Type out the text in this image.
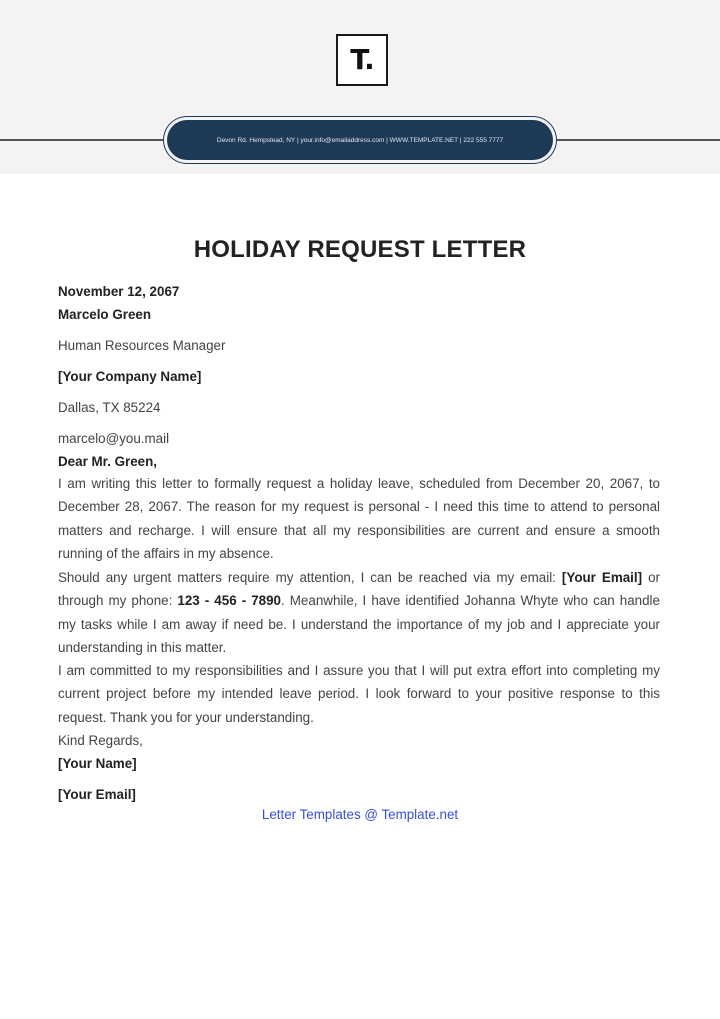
T.
Devon Rd. Hempstead, NY | your.info@emailaddress.com | WWW.TEMPLATE.NET | 222 555 7777
HOLIDAY REQUEST LETTER
November 12, 2067
Marcelo Green
Human Resources Manager
[Your Company Name]
Dallas, TX 85224
marcelo@you.mail
Dear Mr. Green,

I am writing this letter to formally request a holiday leave, scheduled from December 20, 2067, to December 28, 2067. The reason for my request is personal - I need this time to attend to personal matters and recharge. I will ensure that all my responsibilities are current and ensure a smooth running of the affairs in my absence.

Should any urgent matters require my attention, I can be reached via my email: [Your Email] or through my phone: 123 - 456 - 7890. Meanwhile, I have identified Johanna Whyte who can handle my tasks while I am away if need be. I understand the importance of my job and I appreciate your understanding in this matter.

I am committed to my responsibilities and I assure you that I will put extra effort into completing my current project before my intended leave period. I look forward to your positive response to this request. Thank you for your understanding.

Kind Regards,
[Your Name]
[Your Email]
Letter Templates @ Template.net
